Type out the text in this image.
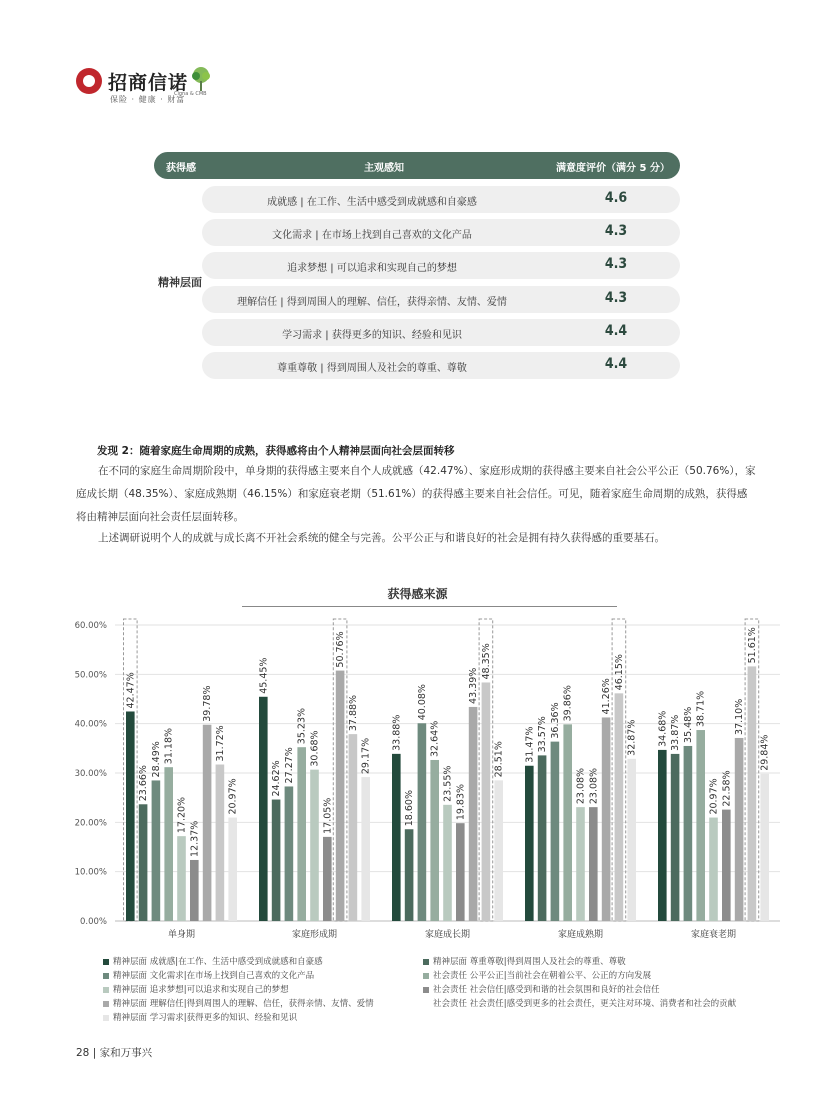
招商信诺
Cigna & CMB
保险 · 健康 · 财富
获得感	主观感知	满意度评价（满分 5 分）
精神层面
成就感 | 在工作、生活中感受到成就感和自豪感	4.6
文化需求 | 在市场上找到自己喜欢的文化产品	4.3
追求梦想 | 可以追求和实现自己的梦想	4.3
理解信任 | 得到周围人的理解、信任，获得亲情、友情、爱情	4.3
学习需求 | 获得更多的知识、经验和见识	4.4
尊重尊敬 | 得到周围人及社会的尊重、尊敬	4.4
发现 2：随着家庭生命周期的成熟，获得感将由个人精神层面向社会层面转移
在不同的家庭生命周期阶段中，单身期的获得感主要来自个人成就感（42.47%）、家庭形成期的获得感主要来自社会公平公正（50.76%），家庭成长期（48.35%）、家庭成熟期（46.15%）和家庭衰老期（51.61%）的获得感主要来自社会信任。可见，随着家庭生命周期的成熟，获得感将由精神层面向社会责任层面转移。
上述调研说明个人的成就与成长离不开社会系统的健全与完善。公平公正与和谐良好的社会是拥有持久获得感的重要基石。
获得感来源
0.00%
10.00%
20.00%
30.00%
40.00%
50.00%
60.00%
42.47%
23.66%
28.49% 31.18%
17.20%
12.37%
39.78%
31.72%
20.97%
单身期
45.45%
24.62% 27.27%
35.23%
30.68%
17.05%
50.76%
37.88%
29.17%
家庭形成期
33.88%
18.60%
40.08%
32.64%
23.55%
19.83%
43.39%
48.35%
28.51%
家庭成长期
31.47% 33.57% 36.36% 39.86%
23.08% 23.08%
41.26%
46.15%
32.87%
家庭成熟期
34.68% 33.87% 35.48% 38.71%
20.97% 22.58%
37.10%
51.61%
29.84%
家庭衰老期
精神层面 成就感|在工作、生活中感受到成就感和自豪感
精神层面 文化需求|在市场上找到自己喜欢的文化产品
精神层面 追求梦想|可以追求和实现自己的梦想
精神层面 理解信任|得到周围人的理解、信任，获得亲情、友情、爱情
精神层面 学习需求|获得更多的知识、经验和见识
精神层面 尊重尊敬|得到周围人及社会的尊重、尊敬
社会责任 公平公正|当前社会在朝着公平、公正的方向发展
社会责任 社会信任|感受到和谐的社会氛围和良好的社会信任
社会责任 社会责任|感受到更多的社会责任，更关注对环境、消费者和社会的贡献
28 | 家和万事兴
